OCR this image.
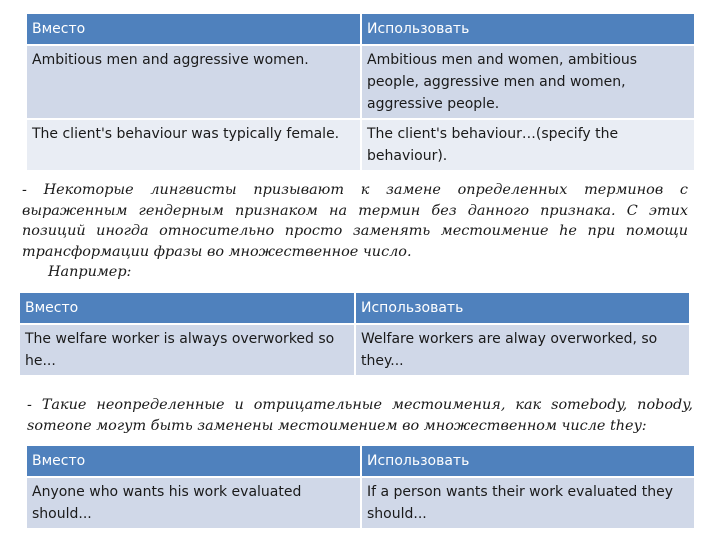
Вместо	Использовать
Ambitious men and aggressive women.	Ambitious men and women, ambitious people, aggressive men and women, aggressive people.
The client's behaviour was typically female.	The client's behaviour…(specify the behaviour).
- Некоторые лингвисты призывают к замене определенных терминов с выраженным гендерным признаком на термин без данного признака. С этих позиций иногда относительно просто заменять местоимение he при помощи трансформации фразы во множественное число.
Например:
Вместо	Использовать
The welfare worker is always overworked so he...	Welfare workers are alway overworked, so they...
- Такие неопределенные и отрицательные местоимения, как somebody, nobody, someone могут быть заменены местоимением во множественном числе they:
Вместо	Использовать
Anyone who wants his work evaluated should...	If a person wants their work evaluated they should...
